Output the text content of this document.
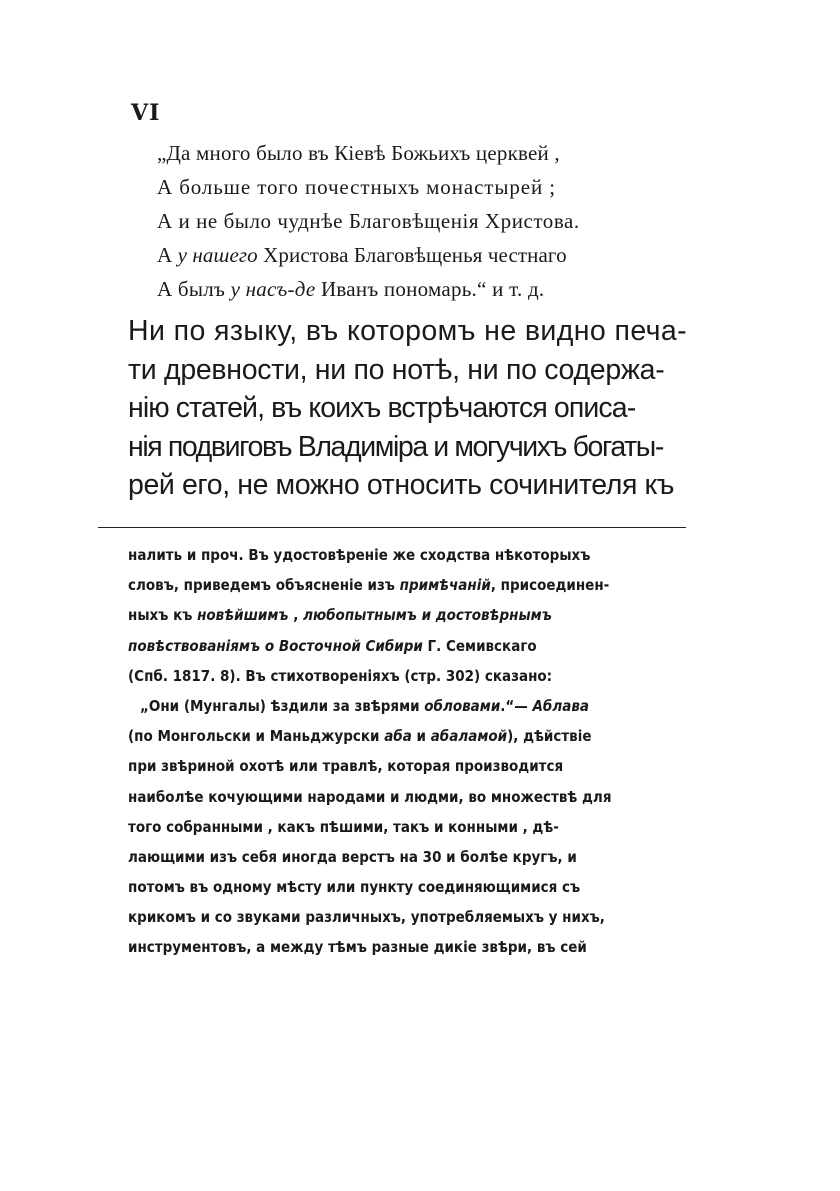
VI
„Да много было въ Кіевѣ Божьихъ церквей ,
А больше того почестныхъ монастырей ;
А и не было чуднѣе Благовѣщенія Христова.
А у нашего Христова Благовѣщенья честнаго
А былъ у насъ-де Иванъ пономарь.“ и т. д.
Ни по языку, въ которомъ не видно печа-
ти древности, ни по нотѣ, ни по содержа-
нію статей, въ коихъ встрѣчаются описа-
нія подвиговъ Владиміра и могучихъ богаты-
рей его, не можно относить сочинителя къ
налить и проч. Въ удостовѣреніе же сходства нѣкоторыхъ
словъ, приведемъ объясненіе изъ примѣчаній, присоединен-
ныхъ къ новѣйшимъ , любопытнымъ и достовѣрнымъ
повѣствованіямъ о Восточной Сибири Г. Семивскаго
(Спб. 1817. 8). Въ стихотвореніяхъ (стр. 302) сказано:
„Они (Мунгалы) ѣздили за звѣрями обловами.“— Аблава
(по Монгольски и Маньджурски аба и абаламой), дѣйствіе
при звѣриной охотѣ или травлѣ, которая производится
наиболѣе кочующими народами и людми, во множествѣ для
того собранными , какъ пѣшими, такъ и конными , дѣ-
лающими изъ себя иногда верстъ на 30 и болѣе кругъ, и
потомъ въ одному мѣсту или пункту соединяющимися съ
крикомъ и со звуками различныхъ, употребляемыхъ у нихъ,
инструментовъ, а между тѣмъ разные дикіе звѣри, въ сей
